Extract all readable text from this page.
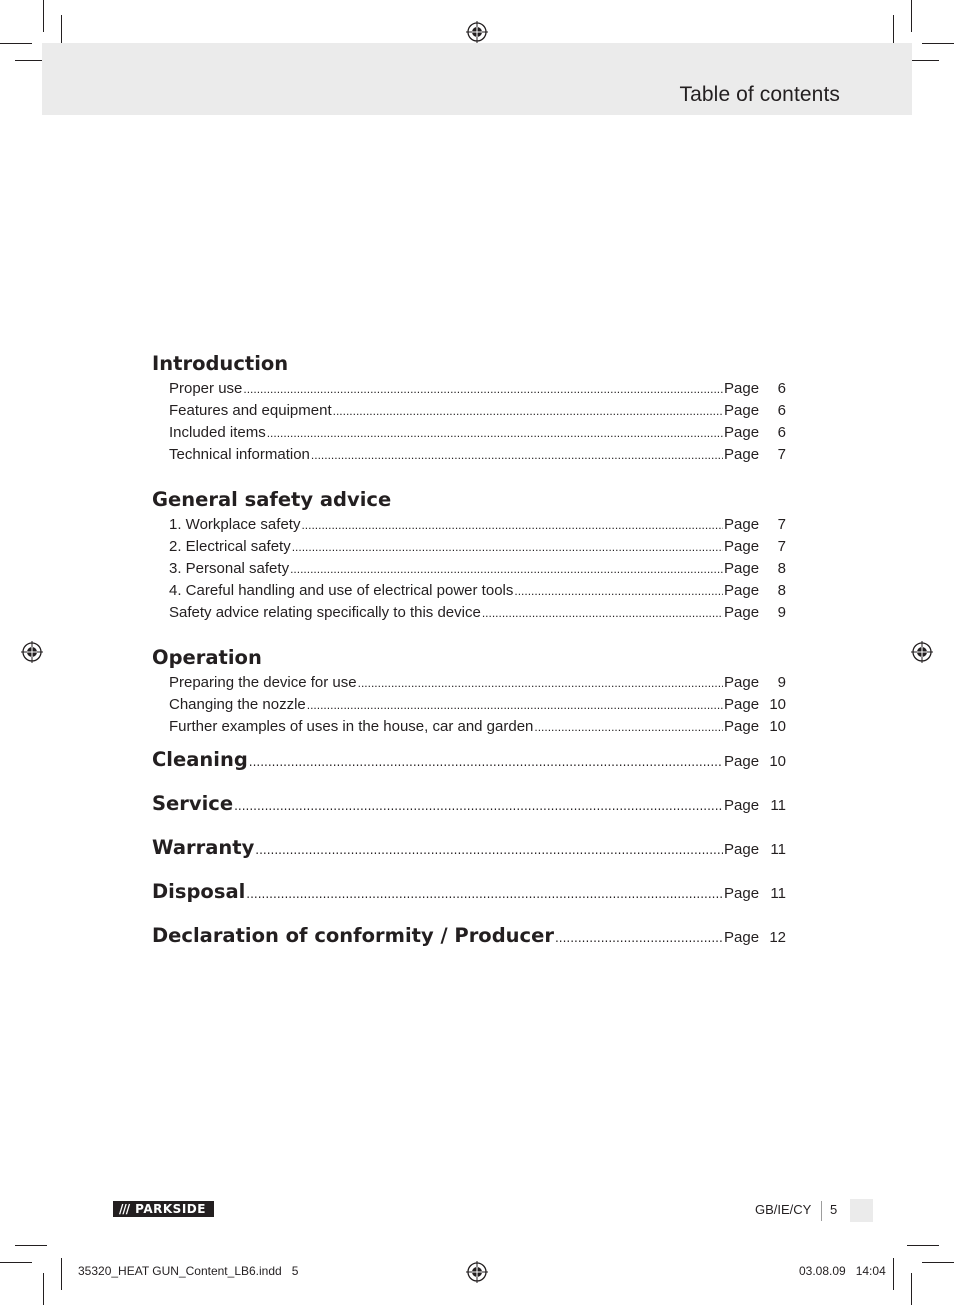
Table of contents
Introduction
Proper use .....	Page	6
Features and equipment .....	Page	6
Included items .....	Page	6
Technical information .....	Page	7
General safety advice
1. Workplace safety .....	Page	7
2. Electrical safety .....	Page	7
3. Personal safety .....	Page	8
4. Careful handling and use of electrical power tools .....	Page	8
Safety advice relating specifically to this device .....	Page	9
Operation
Preparing the device for use .....	Page	9
Changing the nozzle .....	Page 10
Further examples of uses in the house, car and garden .....	Page 10
Cleaning .....	Page 10
Service .....	Page 11
Warranty .....	Page 11
Disposal .....	Page 11
Declaration of conformity / Producer .....	Page 12
/// PARKSIDE	GB/IE/CY 5
35320_HEAT GUN_Content_LB6.indd   5	03.08.09   14:04
